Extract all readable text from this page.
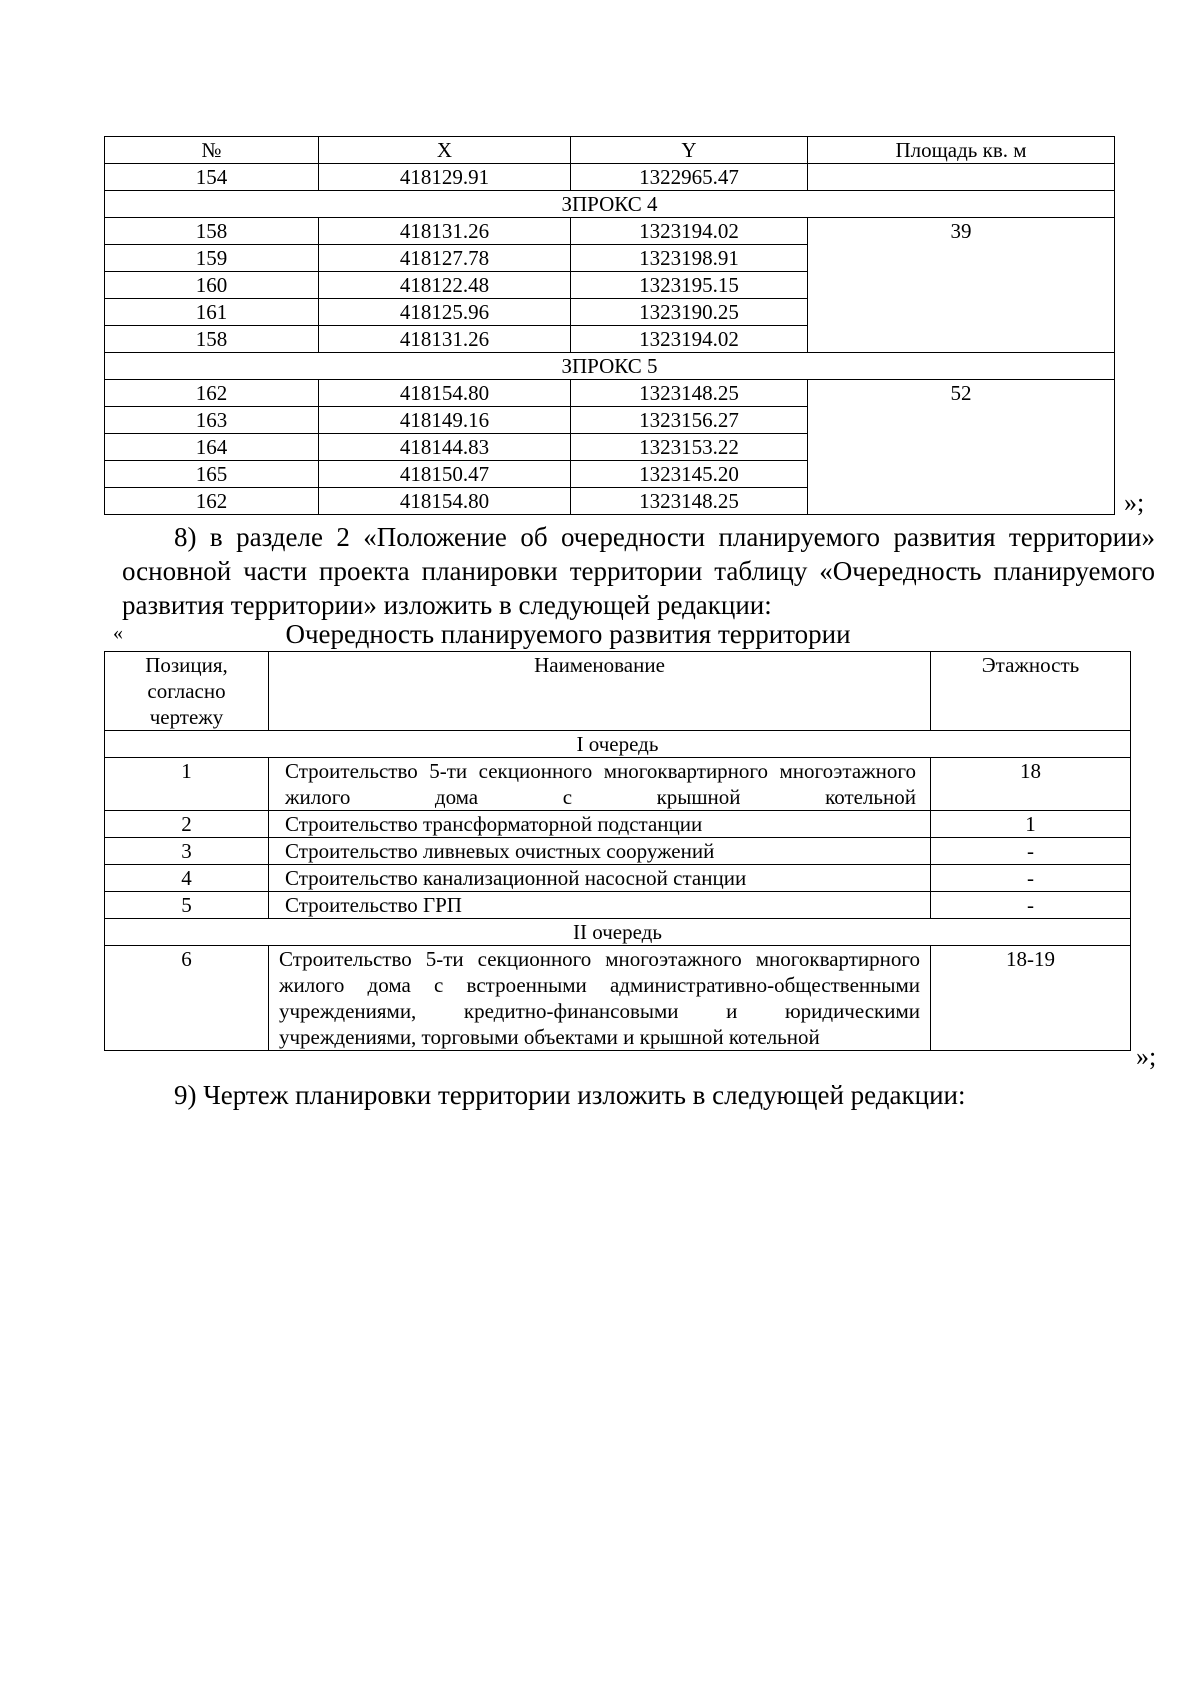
№	X	Y	Площадь кв. м
154	418129.91	1322965.47	
ЗПРОКС 4			
158	418131.26	1323194.02	39
159	418127.78	1323198.91	
160	418122.48	1323195.15	
161	418125.96	1323190.25	
158	418131.26	1323194.02	
ЗПРОКС 5			
162	418154.80	1323148.25	52
163	418149.16	1323156.27	
164	418144.83	1323153.22	
165	418150.47	1323145.20	
162	418154.80	1323148.25		»;

8) в разделе 2 «Положение об очередности планируемого развития территории» основной части проекта планировки территории таблицу «Очередность планируемого развития территории» изложить в следующей редакции:

«	Очередность планируемого развития территории
Позиция, согласно чертежу	Наименование	Этажность
I очередь		
1	Строительство 5-ти секционного многоквартирного многоэтажного жилого дома с крышной котельной	18
2	Строительство трансформаторной подстанции	1
3	Строительство ливневых очистных сооружений	-
4	Строительство канализационной насосной станции	-
5	Строительство ГРП	-
II очередь		
6	Строительство 5-ти секционного многоэтажного многоквартирного жилого дома с встроенными административно-общественными учреждениями, кредитно-финансовыми и юридическими учреждениями, торговыми объектами и крышной котельной	18-19
»;

9) Чертеж планировки территории изложить в следующей редакции:
